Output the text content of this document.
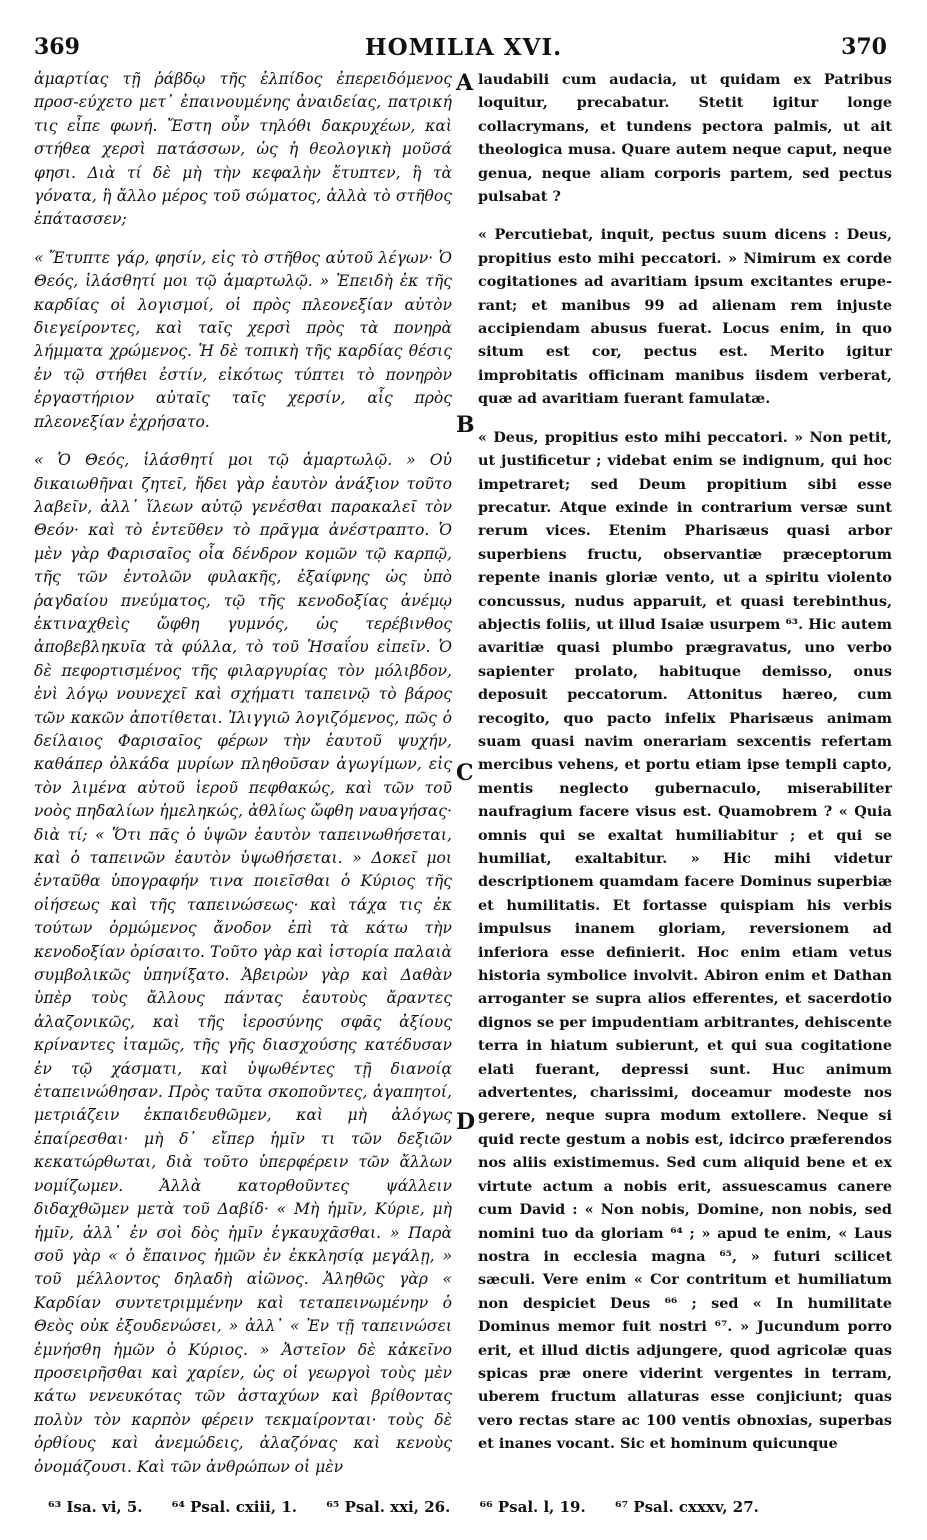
369	HOMILIA XVI.	370

ἁμαρτίας τῇ ῥάβδῳ τῆς ἐλπίδος ἐπερειδόμενος προσ-εύχετο μετ᾽ ἐπαινουμένης ἀναιδείας, πατρική τις εἶπε φωνή. Ἔστη οὖν τηλόθι δακρυχέων, καὶ στήθεα χερσὶ πατάσσων, ὡς ἡ θεολογικὴ μοῦσά φησι. Διὰ τί δὲ μὴ τὴν κεφαλὴν ἔτυπτεν, ἢ τὰ γόνατα, ἢ ἄλλο μέρος τοῦ σώματος, ἀλλὰ τὸ στῆθος ἐπάτασσεν;

« Ἔτυπτε γάρ, φησίν, εἰς τὸ στῆθος αὐτοῦ λέγων· Ὁ Θεός, ἱλάσθητί μοι τῷ ἁμαρτωλῷ. » Ἐπειδὴ ἐκ τῆς καρδίας οἱ λογισμοί, οἱ πρὸς πλεονεξίαν αὐτὸν διεγείροντες, καὶ ταῖς χερσὶ πρὸς τὰ πονηρὰ λήμματα χρώμενος. Ἡ δὲ τοπικὴ τῆς καρδίας θέσις ἐν τῷ στήθει ἐστίν, εἰκότως τύπτει τὸ πονηρὸν ἐργαστήριον αὐταῖς ταῖς χερσίν, αἷς πρὸς πλεονεξίαν ἐχρήσατο.

« Ὁ Θεός, ἱλάσθητί μοι τῷ ἁμαρτωλῷ. » Οὐ δικαιωθῆναι ζητεῖ, ἤδει γὰρ ἑαυτὸν ἀνάξιον τοῦτο λαβεῖν, ἀλλ᾽ ἵλεων αὐτῷ γενέσθαι παρακαλεῖ τὸν Θεόν· καὶ τὸ ἐντεῦθεν τὸ πρᾶγμα ἀνέστραπτο. Ὁ μὲν γὰρ Φαρισαῖος οἷα δένδρον κομῶν τῷ καρπῷ, τῆς τῶν ἐντολῶν φυλακῆς, ἐξαίφνης ὡς ὑπὸ ῥαγδαίου πνεύματος, τῷ τῆς κενοδοξίας ἀνέμῳ ἐκτιναχθεὶς ὤφθη γυμνός, ὡς τερέβινθος ἀποβεβληκυῖα τὰ φύλλα, τὸ τοῦ Ἡσαΐου εἰπεῖν. Ὁ δὲ πεφορτισμένος τῆς φιλαργυρίας τὸν μόλιβδον, ἑνὶ λόγῳ νουνεχεῖ καὶ σχήματι ταπεινῷ τὸ βάρος τῶν κακῶν ἀποτίθεται. Ἰλιγγιῶ λογιζόμενος, πῶς ὁ δείλαιος Φαρισαῖος φέρων τὴν ἑαυτοῦ ψυχήν, καθάπερ ὁλκάδα μυρίων πληθοῦσαν ἀγωγίμων, εἰς τὸν λιμένα αὐτοῦ ἱεροῦ πεφθακώς, καὶ τῶν τοῦ νοὸς πηδαλίων ἠμεληκώς, ἀθλίως ὤφθη ναυαγήσας· διὰ τί; « Ὅτι πᾶς ὁ ὑψῶν ἑαυτὸν ταπεινωθήσεται, καὶ ὁ ταπεινῶν ἑαυτὸν ὑψωθήσεται. » Δοκεῖ μοι ἐνταῦθα ὑπογραφήν τινα ποιεῖσθαι ὁ Κύριος τῆς οἰήσεως καὶ τῆς ταπεινώσεως· καὶ τάχα τις ἐκ τούτων ὁρμώμενος ἄνοδον ἐπὶ τὰ κάτω τὴν κενοδοξίαν ὁρίσαιτο. Τοῦτο γὰρ καὶ ἱστορία παλαιὰ συμβολικῶς ὑπηνίξατο. Ἀβειρὼν γὰρ καὶ Δαθὰν ὑπὲρ τοὺς ἄλλους πάντας ἑαυτοὺς ἄραντες ἀλαζονικῶς, καὶ τῆς ἱεροσύνης σφᾶς ἀξίους κρίναντες ἰταμῶς, τῆς γῆς διασχούσης κατέδυσαν ἐν τῷ χάσματι, καὶ ὑψωθέντες τῇ διανοίᾳ ἐταπεινώθησαν. Πρὸς ταῦτα σκοποῦντες, ἀγαπητοί, μετριάζειν ἐκπαιδευθῶμεν, καὶ μὴ ἀλόγως ἐπαίρεσθαι· μὴ δ᾽ εἴπερ ἡμῖν τι τῶν δεξιῶν κεκατώρθωται, διὰ τοῦτο ὑπερφέρειν τῶν ἄλλων νομίζωμεν. Ἀλλὰ κατορθοῦντες ψάλλειν διδαχθῶμεν μετὰ τοῦ Δαβίδ· « Μὴ ἡμῖν, Κύριε, μὴ ἡμῖν, ἀλλ᾽ ἐν σοὶ δὸς ἡμῖν ἐγκαυχᾶσθαι. » Παρὰ σοῦ γὰρ « ὁ ἔπαινος ἡμῶν ἐν ἐκκλησίᾳ μεγάλῃ, » τοῦ μέλλοντος δηλαδὴ αἰῶνος. Ἀληθῶς γὰρ « Καρδίαν συντετριμμένην καὶ τεταπεινωμένην ὁ Θεὸς οὐκ ἐξουδενώσει, » ἀλλ᾽ « Ἐν τῇ ταπεινώσει ἐμνήσθη ἡμῶν ὁ Κύριος. » Ἀστεῖον δὲ κἀκεῖνο προσειρῆσθαι καὶ χαρίεν, ὡς οἱ γεωργοὶ τοὺς μὲν κάτω νενευκότας τῶν ἀσταχύων καὶ βρίθοντας πολὺν τὸν καρπὸν φέρειν τεκμαίρονται· τοὺς δὲ ὀρθίους καὶ ἀνεμώδεις, ἀλαζόνας καὶ κενοὺς ὀνομάζουσι. Καὶ τῶν ἀνθρώπων οἱ μὲν

A
B
C
D

laudabili cum audacia, ut quidam ex Patribus loquitur, precabatur. Stetit igitur longe collacrymans, et tundens pectora palmis, ut ait theologica musa. Quare autem neque caput, neque genua, neque aliam corporis partem, sed pectus pulsabat ?

« Percutiebat, inquit, pectus suum dicens : Deus, propitius esto mihi peccatori. » Nimirum ex corde cogitationes ad avaritiam ipsum excitantes erupe- rant; et manibus 99 ad alienam rem injuste accipiendam abusus fuerat. Locus enim, in quo situm est cor, pectus est. Merito igitur improbitatis officinam manibus iisdem verberat, quæ ad avaritiam fuerant famulatæ.

« Deus, propitius esto mihi peccatori. » Non petit, ut justificetur ; videbat enim se indignum, qui hoc impetraret; sed Deum propitium sibi esse precatur. Atque exinde in contrarium versæ sunt rerum vices. Etenim Pharisæus quasi arbor superbiens fructu, observantiæ præceptorum repente inanis gloriæ vento, ut a spiritu violento concussus, nudus apparuit, et quasi terebinthus, abjectis foliis, ut illud Isaiæ usurpem ⁶³. Hic autem avaritiæ quasi plumbo prægravatus, uno verbo sapienter prolato, habituque demisso, onus deposuit peccatorum. Attonitus hæreo, cum recogito, quo pacto infelix Pharisæus animam suam quasi navim onerariam sexcentis refertam mercibus vehens, et portu etiam ipse templi capto, mentis neglecto gubernaculo, miserabiliter naufragium facere visus est. Quamobrem ? « Quia omnis qui se exaltat humiliabitur ; et qui se humiliat, exaltabitur. » Hic mihi videtur descriptionem quamdam facere Dominus superbiæ et humilitatis. Et fortasse quispiam his verbis impulsus inanem gloriam, reversionem ad inferiora esse definierit. Hoc enim etiam vetus historia symbolice involvit. Abiron enim et Dathan arroganter se supra alios efferentes, et sacerdotio dignos se per impudentiam arbitrantes, dehiscente terra in hiatum subierunt, et qui sua cogitatione elati fuerant, depressi sunt. Huc animum advertentes, charissimi, doceamur modeste nos gerere, neque supra modum extollere. Neque si quid recte gestum a nobis est, idcirco præferendos nos aliis existimemus. Sed cum aliquid bene et ex virtute actum a nobis erit, assuescamus canere cum David : « Non nobis, Domine, non nobis, sed nomini tuo da gloriam ⁶⁴ ; » apud te enim, « Laus nostra in ecclesia magna ⁶⁵, » futuri scilicet sæculi. Vere enim « Cor contritum et humiliatum non despiciet Deus ⁶⁶ ; sed « In humilitate Dominus memor fuit nostri ⁶⁷. » Jucundum porro erit, et illud dictis adjungere, quod agricolæ quas spicas præ onere viderint vergentes in terram, uberem fructum allaturas esse conjiciunt; quas vero rectas stare ac 100 ventis obnoxias, superbas et inanes vocant. Sic et hominum quicunque

⁶³ Isa. vi, 5. ⁶⁴ Psal. cxiii, 1. ⁶⁵ Psal. xxi, 26. ⁶⁶ Psal. l, 19. ⁶⁷ Psal. cxxxv, 27.
